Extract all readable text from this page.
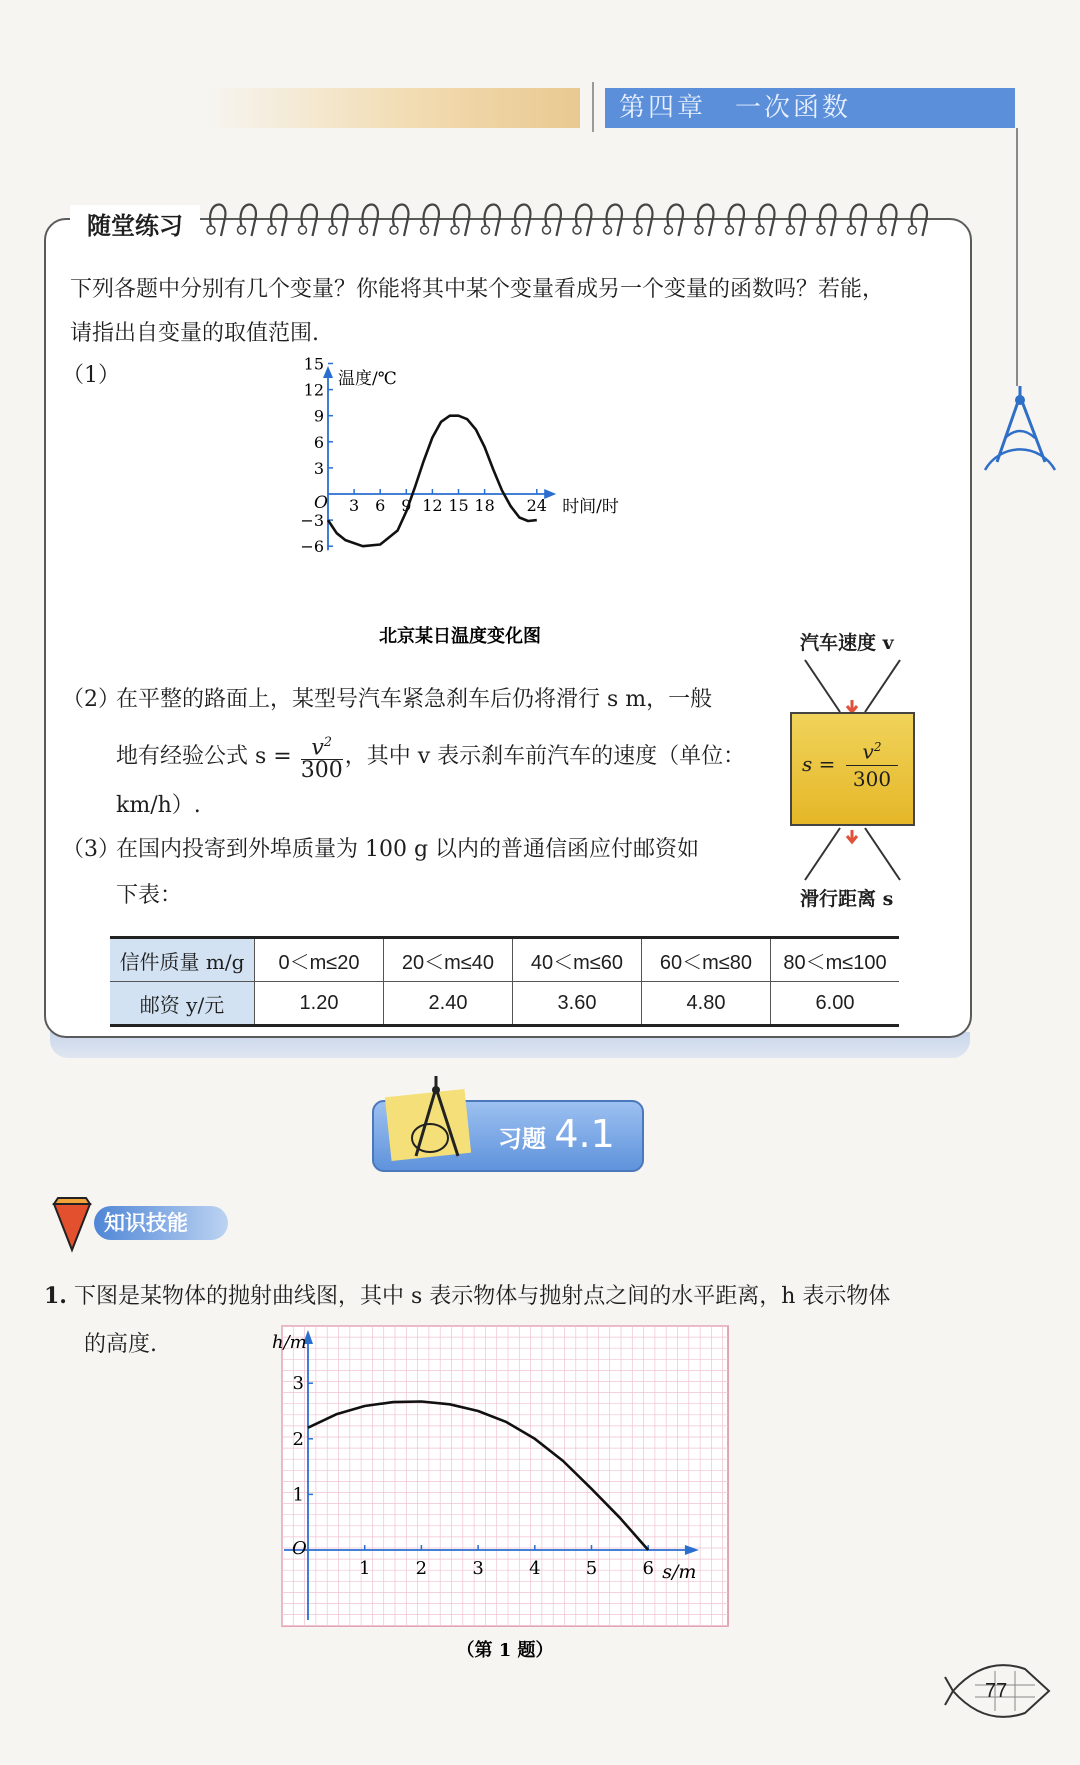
第四章　一次函数
随堂练习
下列各题中分别有几个变量？你能将其中某个变量看成另一个变量的函数吗？若能，
请指出自变量的取值范围.
（1）	温度/℃
时间/时
O
−6
−3
3
6
9
12
15
3 6 9 12 15 18 24
北京某日温度变化图
（2）
在平整的路面上，某型号汽车紧急刹车后仍将滑行 s m，一般
地有经验公式 $s = \frac{v^2}{300}$ ，其中 v 表示刹车前汽车的速度（单位：
km/h）.
（3）
在国内投寄到外埠质量为 100 g 以内的普通信函应付邮资如
下表：
汽车速度 v
s =
$v^2$
300
滑行距离 s
信件质量 m/g	0＜m≤20	20＜m≤40	40＜m≤60	60＜m≤80	80＜m≤100
邮资 y/元	1.20	2.40	3.60	4.80	6.00
习题 4.1
知识技能
1. 下图是某物体的抛射曲线图，其中 s 表示物体与抛射点之间的水平距离，h 表示物体
的高度.	h/m
s/m
O
1
2
3
1	2	3	4	5	6
（第 1 题）
77
